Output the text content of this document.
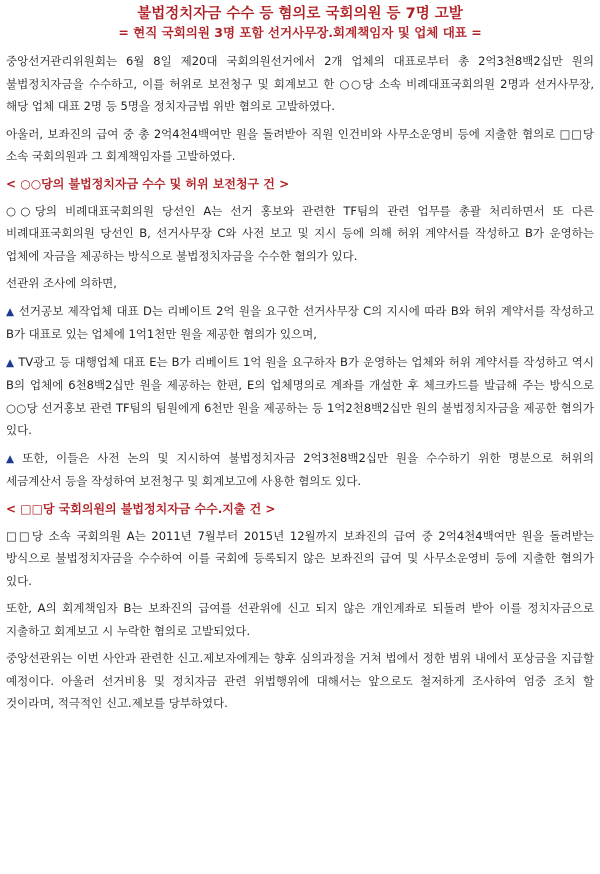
불법정치자금 수수 등 혐의로 국회의원 등 7명 고발

= 현직 국회의원 3명 포함 선거사무장.회계책임자 및 업체 대표 =

중앙선거관리위원회는 6월 8일 제20대 국회의원선거에서 2개 업체의 대표로부터 총 2억3천8백2십만 원의 불법정치자금을 수수하고, 이를 허위로 보전청구 및 회계보고 한 ○○당 소속 비례대표국회의원 2명과 선거사무장, 해당 업체 대표 2명 등 5명을 정치자금법 위반 혐의로 고발하였다.

아울러, 보좌진의 급여 중 총 2억4천4백여만 원을 돌려받아 직원 인건비와 사무소운영비 등에 지출한 혐의로 □□당 소속 국회의원과 그 회계책임자를 고발하였다.

< ○○당의 불법정치자금 수수 및 허위 보전청구 건 >

○○당의 비례대표국회의원 당선인 A는 선거 홍보와 관련한 TF팀의 관련 업무를 총괄 처리하면서 또 다른 비례대표국회의원 당선인 B, 선거사무장 C와 사전 보고 및 지시 등에 의해 허위 계약서를 작성하고 B가 운영하는 업체에 자금을 제공하는 방식으로 불법정치자금을 수수한 혐의가 있다.

선관위 조사에 의하면,

▲ 선거공보 제작업체 대표 D는 리베이트 2억 원을 요구한 선거사무장 C의 지시에 따라 B와 허위 계약서를 작성하고 B가 대표로 있는 업체에 1억1천만 원을 제공한 혐의가 있으며,

▲ TV광고 등 대행업체 대표 E는 B가 리베이트 1억 원을 요구하자 B가 운영하는 업체와 허위 계약서를 작성하고 역시 B의 업체에 6천8백2십만 원을 제공하는 한편, E의 업체명의로 계좌를 개설한 후 체크카드를 발급해 주는 방식으로 ○○당 선거홍보 관련 TF팀의 팀원에게 6천만 원을 제공하는 등 1억2천8백2십만 원의 불법정치자금을 제공한 혐의가 있다.

▲ 또한, 이들은 사전 논의 및 지시하여 불법정치자금 2억3천8백2십만 원을 수수하기 위한 명분으로 허위의 세금계산서 등을 작성하여 보전청구 및 회계보고에 사용한 혐의도 있다.

< □□당 국회의원의 불법정치자금 수수.지출 건 >

□□당 소속 국회의원 A는 2011년 7월부터 2015년 12월까지 보좌진의 급여 중 2억4천4백여만 원을 돌려받는 방식으로 불법정치자금을 수수하여 이를 국회에 등록되지 않은 보좌진의 급여 및 사무소운영비 등에 지출한 혐의가 있다.

또한, A의 회계책임자 B는 보좌진의 급여를 선관위에 신고 되지 않은 개인계좌로 되돌려 받아 이를 정치자금으로 지출하고 회계보고 시 누락한 혐의로 고발되었다.

중앙선관위는 이번 사안과 관련한 신고.제보자에게는 향후 심의과정을 거쳐 법에서 정한 범위 내에서 포상금을 지급할 예정이다. 아울러 선거비용 및 정치자금 관련 위법행위에 대해서는 앞으로도 철저하게 조사하여 엄중 조치 할 것이라며, 적극적인 신고.제보를 당부하였다.
